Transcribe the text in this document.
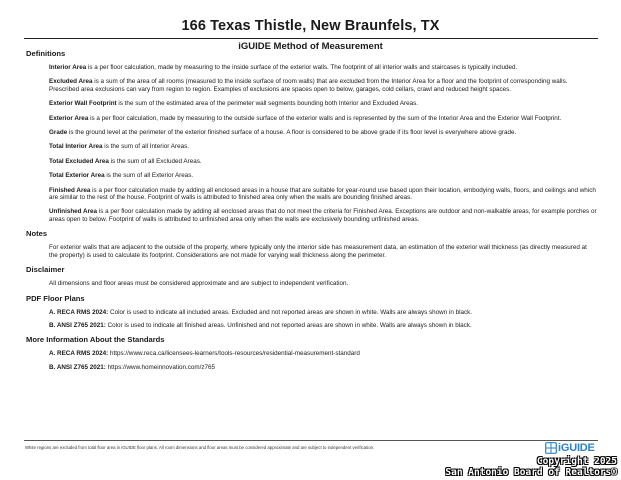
166 Texas Thistle, New Braunfels, TX
iGUIDE Method of Measurement
Definitions
Interior Area is a per floor calculation, made by measuring to the inside surface of the exterior walls. The footprint of all interior walls and staircases is typically included.
Excluded Area is a sum of the area of all rooms (measured to the inside surface of room walls) that are excluded from the Interior Area for a floor and the footprint of corresponding walls. Prescribed area exclusions can vary from region to region. Examples of exclusions are spaces open to below, garages, cold cellars, crawl and reduced height spaces.
Exterior Wall Footprint is the sum of the estimated area of the perimeter wall segments bounding both Interior and Excluded Areas.
Exterior Area is a per floor calculation, made by measuring to the outside surface of the exterior walls and is represented by the sum of the Interior Area and the Exterior Wall Footprint.
Grade is the ground level at the perimeter of the exterior finished surface of a house. A floor is considered to be above grade if its floor level is everywhere above grade.
Total Interior Area is the sum of all Interior Areas.
Total Excluded Area is the sum of all Excluded Areas.
Total Exterior Area is the sum of all Exterior Areas.
Finished Area is a per floor calculation made by adding all enclosed areas in a house that are suitable for year-round use based upon their location, embodying walls, floors, and ceilings and which are similar to the rest of the house. Footprint of walls is attributed to finished area only when the walls are bounding finished areas.
Unfinished Area is a per floor calculation made by adding all enclosed areas that do not meet the criteria for Finished Area. Exceptions are outdoor and non-walkable areas, for example porches or areas open to below. Footprint of walls is attributed to unfinished area only when the walls are exclusively bounding unfinished areas.
Notes
For exterior walls that are adjacent to the outside of the property, where typically only the interior side has measurement data, an estimation of the exterior wall thickness (as directly measured at the property) is used to calculate its footprint. Considerations are not made for varying wall thickness along the perimeter.
Disclaimer
All dimensions and floor areas must be considered approximate and are subject to independent verification.
PDF Floor Plans
A. RECA RMS 2024: Color is used to indicate all included areas. Excluded and not reported areas are shown in white. Walls are always shown in black.
B. ANSI Z765 2021: Color is used to indicate all finished areas. Unfinished and not reported areas are shown in white. Walls are always shown in black.
More Information About the Standards
A. RECA RMS 2024: https://www.reca.ca/licensees-learners/tools-resources/residential-measurement-standard
B. ANSI Z765 2021: https://www.homeinnovation.com/z765
White regions are excluded from total floor area in iGUIDE floor plans. All room dimensions and floor areas must be considered approximate and are subject to independent verification.	iGUIDE
Copyright 2025
San Antonio Board of Realtors®
